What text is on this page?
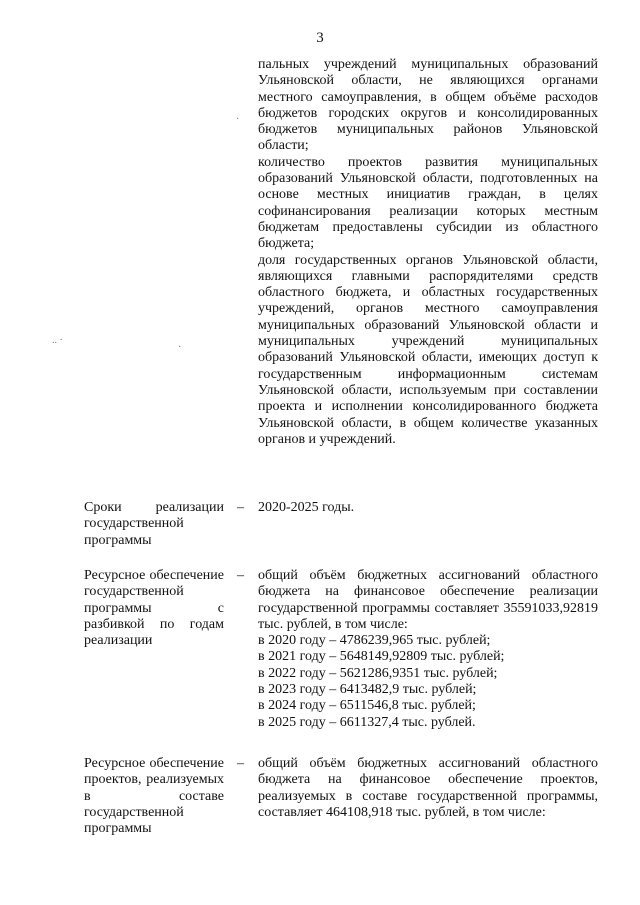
3
·
.. ·
·

пальных учреждений муниципальных образований Ульяновской области, не являющихся органами местного самоуправления, в общем объёме расходов бюджетов городских округов и консолидированных бюджетов муниципальных районов Ульяновской области;

количество проектов развития муниципальных образований Ульяновской области, подготовленных на основе местных инициатив граждан, в целях софинансирования реализации которых местным бюджетам предоставлены субсидии из областного бюджета;

доля государственных органов Ульяновской области, являющихся главными распорядителями средств областного бюджета, и областных государственных учреждений, органов местного самоуправления муниципальных образований Ульяновской области и муниципальных учреждений муниципальных образований Ульяновской области, имеющих доступ к государственным информационным системам Ульяновской области, используемым при составлении проекта и исполнении консолидированного бюджета Ульяновской области, в общем количестве указанных органов и учреждений.

Сроки реализации государственной программы
– 2020-2025 годы.
Ресурсное обеспечение государственной программы с разбивкой по годам реализации
– общий объём бюджетных ассигнований областного бюджета на финансовое обеспечение реализации государственной программы составляет 35591033,92819 тыс. рублей, в том числе:

в 2020 году – 4786239,965 тыс. рублей;
в 2021 году – 5648149,92809 тыс. рублей;
в 2022 году – 5621286,9351 тыс. рублей;
в 2023 году – 6413482,9 тыс. рублей;
в 2024 году – 6511546,8 тыс. рублей;
в 2025 году – 6611327,4 тыс. рублей.
Ресурсное обеспечение проектов, реализуемых в составе государственной программы
– общий объём бюджетных ассигнований областного бюджета на финансовое обеспечение проектов, реализуемых в составе государственной программы, составляет 464108,918 тыс. рублей, в том числе:
